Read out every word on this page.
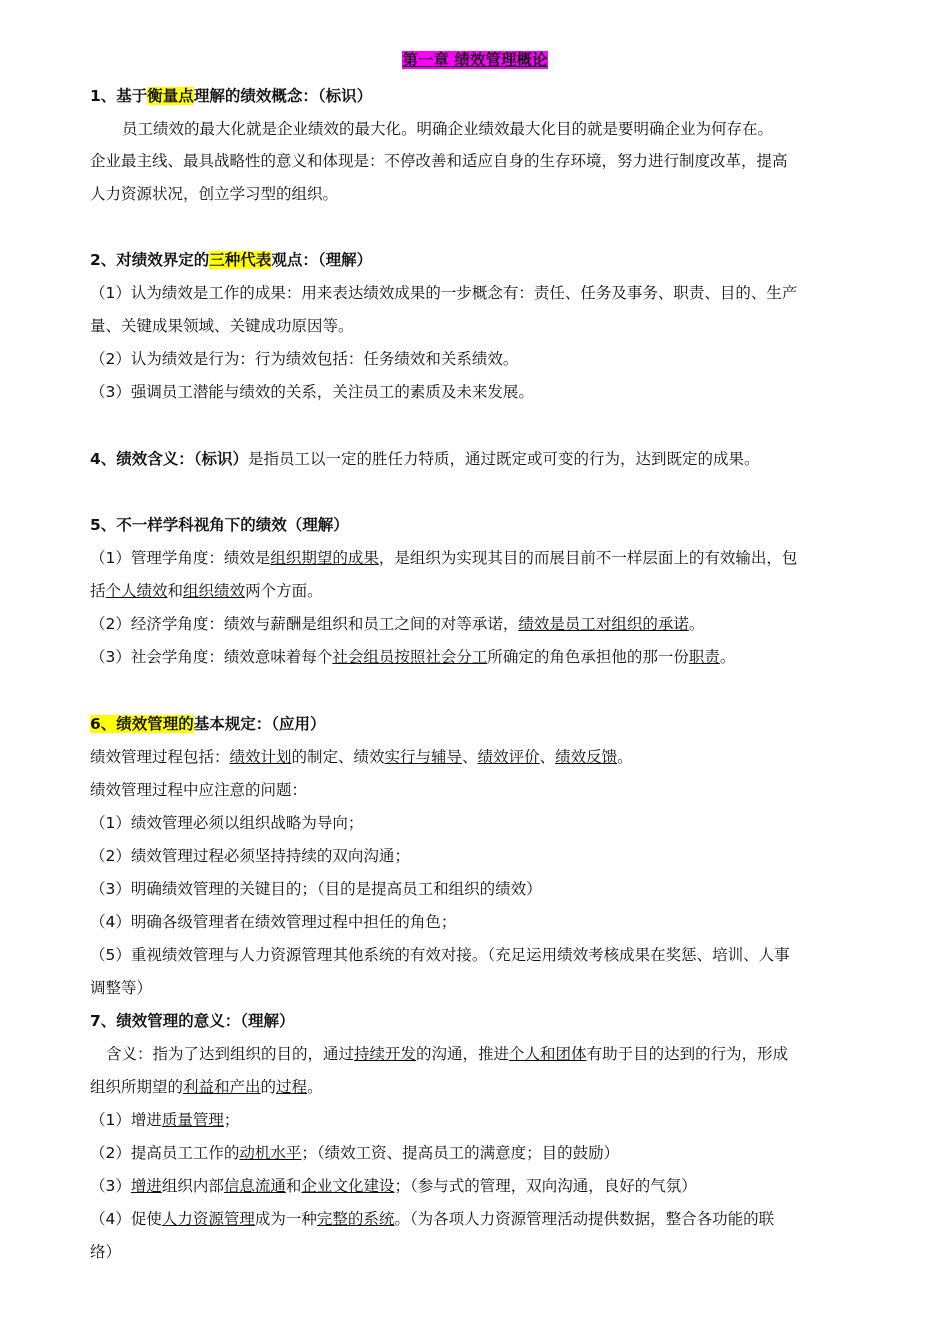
第一章 绩效管理概论
1、基于衡量点理解的绩效概念：（标识）
员工绩效的最大化就是企业绩效的最大化。明确企业绩效最大化目的就是要明确企业为何存在。
企业最主线、最具战略性的意义和体现是：不停改善和适应自身的生存环境，努力进行制度改革，提高
人力资源状况，创立学习型的组织。
2、对绩效界定的三种代表观点：（理解）
（1）认为绩效是工作的成果：用来表达绩效成果的一步概念有：责任、任务及事务、职责、目的、生产
量、关键成果领域、关键成功原因等。
（2）认为绩效是行为：行为绩效包括：任务绩效和关系绩效。
（3）强调员工潜能与绩效的关系，关注员工的素质及未来发展。
4、绩效含义：（标识）是指员工以一定的胜任力特质，通过既定或可变的行为，达到既定的成果。
5、不一样学科视角下的绩效（理解）
（1）管理学角度：绩效是组织期望的成果，是组织为实现其目的而展目前不一样层面上的有效输出，包
括个人绩效和组织绩效两个方面。
（2）经济学角度：绩效与薪酬是组织和员工之间的对等承诺，绩效是员工对组织的承诺。
（3）社会学角度：绩效意味着每个社会组员按照社会分工所确定的角色承担他的那一份职责。
6、绩效管理的基本规定：（应用）
绩效管理过程包括：绩效计划的制定、绩效实行与辅导、绩效评价、绩效反馈。
绩效管理过程中应注意的问题：
（1）绩效管理必须以组织战略为导向；
（2）绩效管理过程必须坚持持续的双向沟通；
（3）明确绩效管理的关键目的；（目的是提高员工和组织的绩效）
（4）明确各级管理者在绩效管理过程中担任的角色；
（5）重视绩效管理与人力资源管理其他系统的有效对接。（充足运用绩效考核成果在奖惩、培训、人事
调整等）
7、绩效管理的意义：（理解）
含义：指为了达到组织的目的，通过持续开发的沟通，推进个人和团体有助于目的达到的行为，形成
组织所期望的利益和产出的过程。
（1）增进质量管理；
（2）提高员工工作的动机水平；（绩效工资、提高员工的满意度；目的鼓励）
（3）增进组织内部信息流通和企业文化建设；（参与式的管理，双向沟通，良好的气氛）
（4）促使人力资源管理成为一种完整的系统。（为各项人力资源管理活动提供数据，整合各功能的联
络）
